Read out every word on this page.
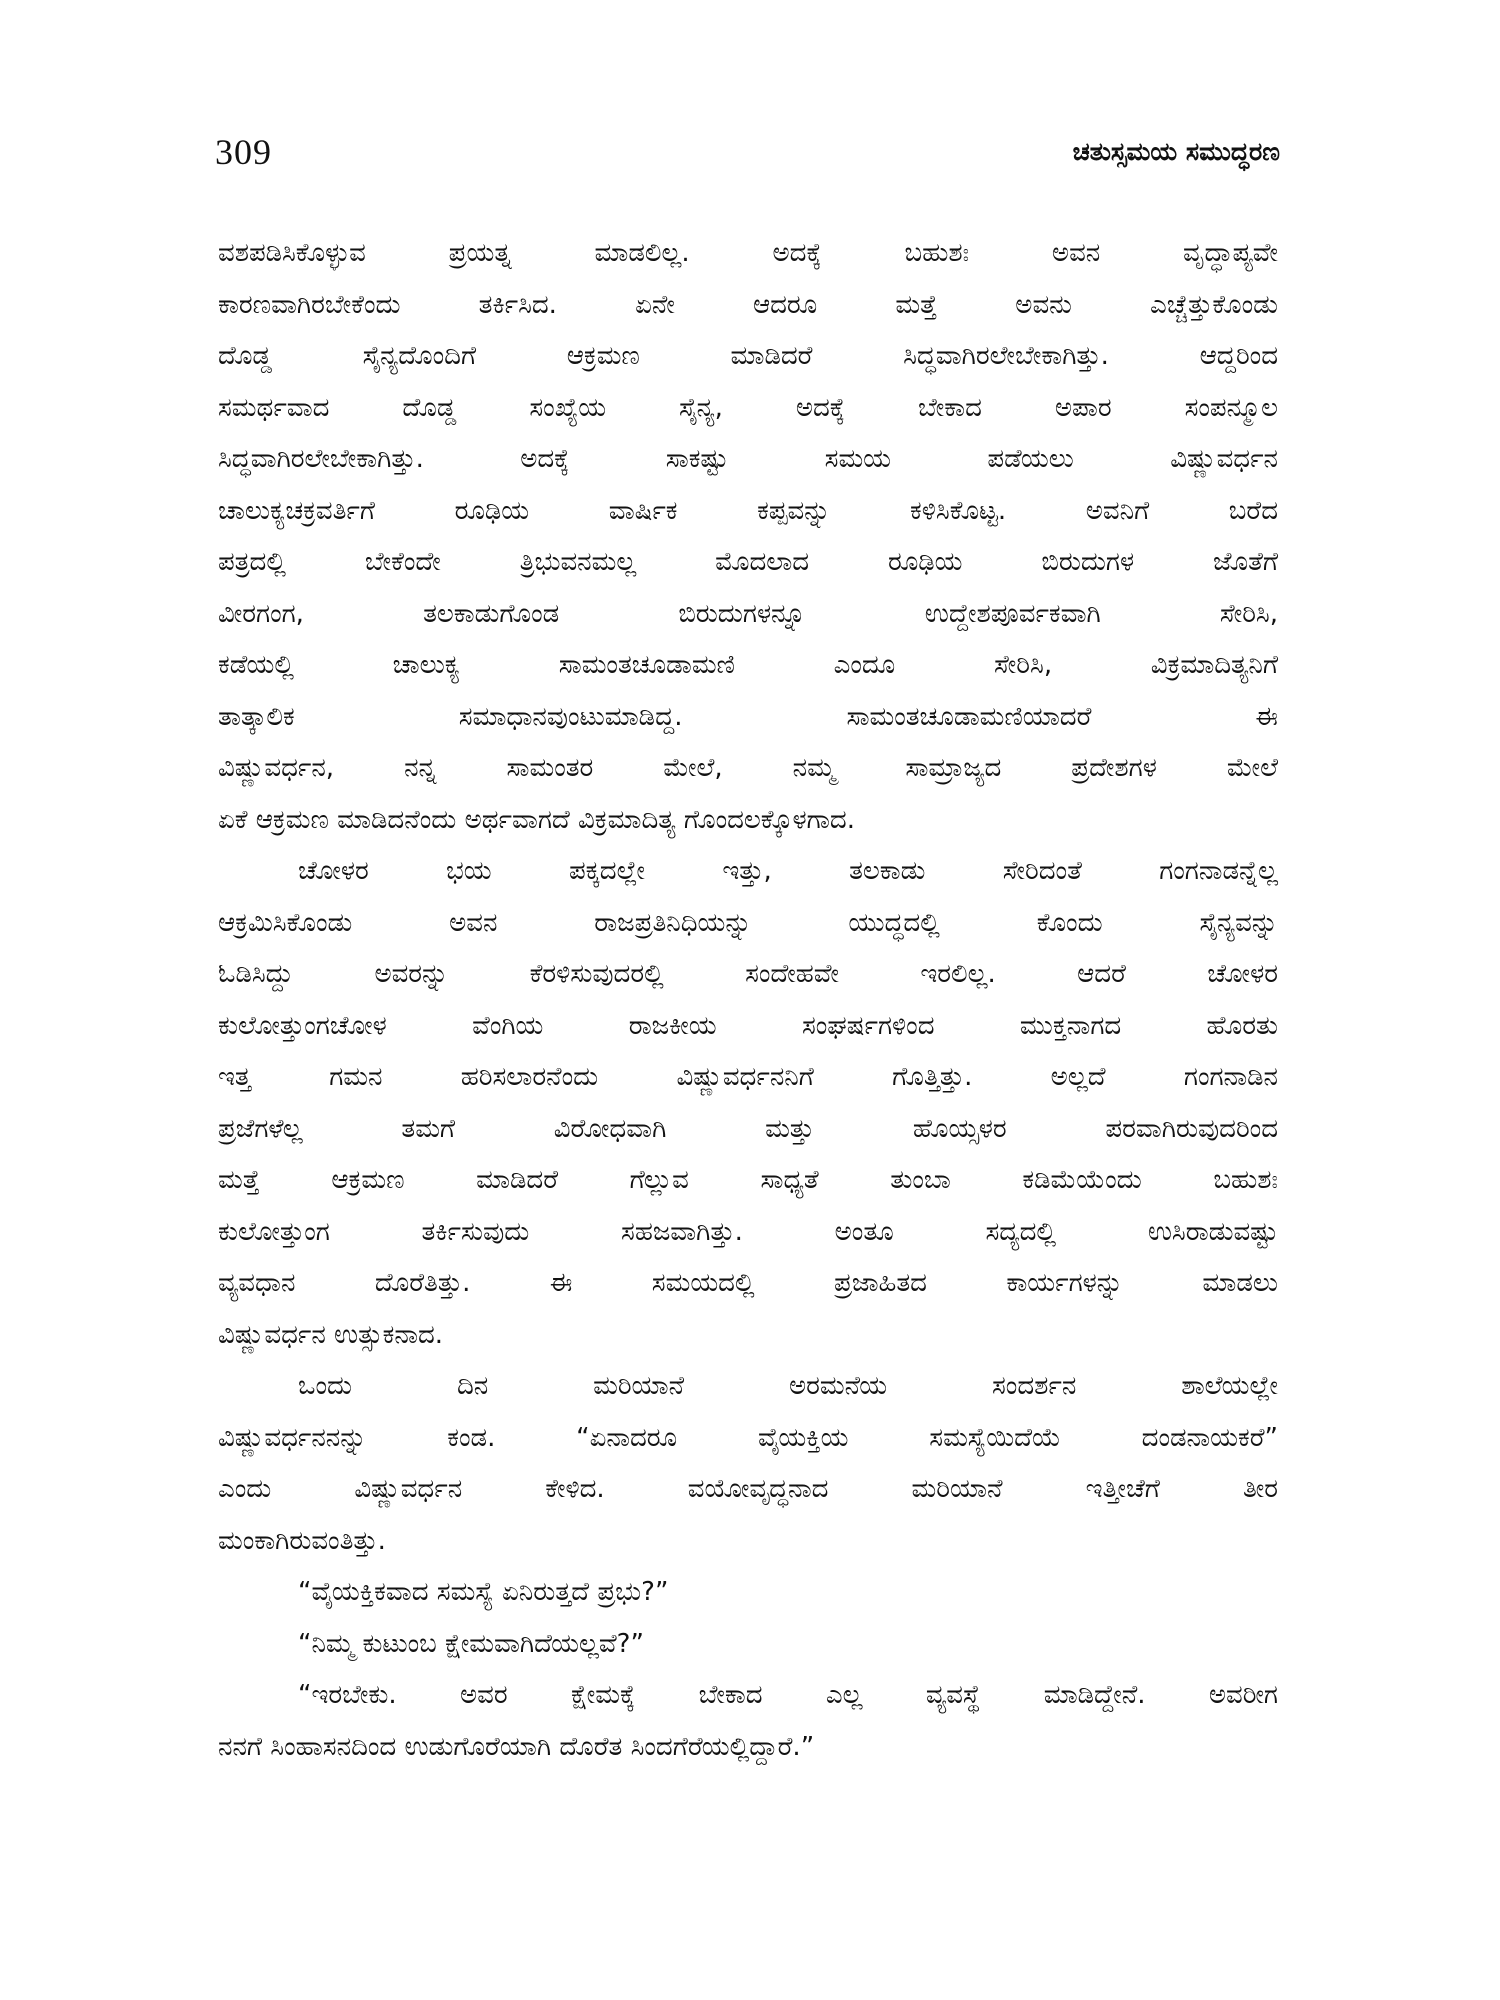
309	ಚತುಸ್ಸಮಯ ಸಮುದ್ಧರಣ

ವಶಪಡಿಸಿಕೊಳ್ಳುವ ಪ್ರಯತ್ನ ಮಾಡಲಿಲ್ಲ. ಅದಕ್ಕೆ ಬಹುಶಃ ಅವನ ವೃದ್ಧಾಪ್ಯವೇ
ಕಾರಣವಾಗಿರಬೇಕೆಂದು ತರ್ಕಿಸಿದ. ಏನೇ ಆದರೂ ಮತ್ತೆ ಅವನು ಎಚ್ಚೆತ್ತುಕೊಂಡು
ದೊಡ್ಡ ಸೈನ್ಯದೊಂದಿಗೆ ಆಕ್ರಮಣ ಮಾಡಿದರೆ ಸಿದ್ಧವಾಗಿರಲೇಬೇಕಾಗಿತ್ತು. ಆದ್ದರಿಂದ
ಸಮರ್ಥವಾದ ದೊಡ್ಡ ಸಂಖ್ಯೆಯ ಸೈನ್ಯ, ಅದಕ್ಕೆ ಬೇಕಾದ ಅಪಾರ ಸಂಪನ್ಮೂಲ
ಸಿದ್ಧವಾಗಿರಲೇಬೇಕಾಗಿತ್ತು. ಅದಕ್ಕೆ ಸಾಕಷ್ಟು ಸಮಯ ಪಡೆಯಲು ವಿಷ್ಣುವರ್ಧನ
ಚಾಲುಕ್ಯಚಕ್ರವರ್ತಿಗೆ ರೂಢಿಯ ವಾರ್ಷಿಕ ಕಪ್ಪವನ್ನು ಕಳಿಸಿಕೊಟ್ಟ. ಅವನಿಗೆ ಬರೆದ
ಪತ್ರದಲ್ಲಿ ಬೇಕೆಂದೇ ತ್ರಿಭುವನಮಲ್ಲ ಮೊದಲಾದ ರೂಢಿಯ ಬಿರುದುಗಳ ಜೊತೆಗೆ
ವೀರಗಂಗ, ತಲಕಾಡುಗೊಂಡ ಬಿರುದುಗಳನ್ನೂ ಉದ್ದೇಶಪೂರ್ವಕವಾಗಿ ಸೇರಿಸಿ,
ಕಡೆಯಲ್ಲಿ ಚಾಲುಕ್ಯ ಸಾಮಂತಚೂಡಾಮಣಿ ಎಂದೂ ಸೇರಿಸಿ, ವಿಕ್ರಮಾದಿತ್ಯನಿಗೆ
ತಾತ್ಕಾಲಿಕ ಸಮಾಧಾನವುಂಟುಮಾಡಿದ್ದ. ಸಾಮಂತಚೂಡಾಮಣಿಯಾದರೆ ಈ
ವಿಷ್ಣುವರ್ಧನ, ನನ್ನ ಸಾಮಂತರ ಮೇಲೆ, ನಮ್ಮ ಸಾಮ್ರಾಜ್ಯದ ಪ್ರದೇಶಗಳ ಮೇಲೆ
ಏಕೆ ಆಕ್ರಮಣ ಮಾಡಿದನೆಂದು ಅರ್ಥವಾಗದೆ ವಿಕ್ರಮಾದಿತ್ಯ ಗೊಂದಲಕ್ಕೊಳಗಾದ.

ಚೋಳರ ಭಯ ಪಕ್ಕದಲ್ಲೇ ಇತ್ತು, ತಲಕಾಡು ಸೇರಿದಂತೆ ಗಂಗನಾಡನ್ನೆಲ್ಲ
ಆಕ್ರಮಿಸಿಕೊಂಡು ಅವನ ರಾಜಪ್ರತಿನಿಧಿಯನ್ನು ಯುದ್ಧದಲ್ಲಿ ಕೊಂದು ಸೈನ್ಯವನ್ನು
ಓಡಿಸಿದ್ದು ಅವರನ್ನು ಕೆರಳಿಸುವುದರಲ್ಲಿ ಸಂದೇಹವೇ ಇರಲಿಲ್ಲ. ಆದರೆ ಚೋಳರ
ಕುಲೋತ್ತುಂಗಚೋಳ ವೆಂಗಿಯ ರಾಜಕೀಯ ಸಂಘರ್ಷಗಳಿಂದ ಮುಕ್ತನಾಗದ ಹೊರತು
ಇತ್ತ ಗಮನ ಹರಿಸಲಾರನೆಂದು ವಿಷ್ಣುವರ್ಧನನಿಗೆ ಗೊತ್ತಿತ್ತು. ಅಲ್ಲದೆ ಗಂಗನಾಡಿನ
ಪ್ರಜೆಗಳೆಲ್ಲ ತಮಗೆ ವಿರೋಧವಾಗಿ ಮತ್ತು ಹೊಯ್ಸಳರ ಪರವಾಗಿರುವುದರಿಂದ
ಮತ್ತೆ ಆಕ್ರಮಣ ಮಾಡಿದರೆ ಗೆಲ್ಲುವ ಸಾಧ್ಯತೆ ತುಂಬಾ ಕಡಿಮೆಯೆಂದು ಬಹುಶಃ
ಕುಲೋತ್ತುಂಗ ತರ್ಕಿಸುವುದು ಸಹಜವಾಗಿತ್ತು. ಅಂತೂ ಸದ್ಯದಲ್ಲಿ ಉಸಿರಾಡುವಷ್ಟು
ವ್ಯವಧಾನ ದೊರೆತಿತ್ತು. ಈ ಸಮಯದಲ್ಲಿ ಪ್ರಜಾಹಿತದ ಕಾರ್ಯಗಳನ್ನು ಮಾಡಲು
ವಿಷ್ಣುವರ್ಧನ ಉತ್ಸುಕನಾದ.

ಒಂದು ದಿನ ಮರಿಯಾನೆ ಅರಮನೆಯ ಸಂದರ್ಶನ ಶಾಲೆಯಲ್ಲೇ
ವಿಷ್ಣುವರ್ಧನನನ್ನು ಕಂಡ. “ಏನಾದರೂ ವೈಯಕ್ತಿಯ ಸಮಸ್ಯೆಯಿದೆಯೆ ದಂಡನಾಯಕರೆ”
ಎಂದು ವಿಷ್ಣುವರ್ಧನ ಕೇಳಿದ. ವಯೋವೃದ್ಧನಾದ ಮರಿಯಾನೆ ಇತ್ತೀಚೆಗೆ ತೀರ
ಮಂಕಾಗಿರುವಂತಿತ್ತು.

“ವೈಯಕ್ತಿಕವಾದ ಸಮಸ್ಯೆ ಏನಿರುತ್ತದೆ ಪ್ರಭು?”

“ನಿಮ್ಮ ಕುಟುಂಬ ಕ್ಷೇಮವಾಗಿದೆಯಲ್ಲವೆ?”

“ಇರಬೇಕು. ಅವರ ಕ್ಷೇಮಕ್ಕೆ ಬೇಕಾದ ಎಲ್ಲ ವ್ಯವಸ್ಥೆ ಮಾಡಿದ್ದೇನೆ. ಅವರೀಗ
ನನಗೆ ಸಿಂಹಾಸನದಿಂದ ಉಡುಗೊರೆಯಾಗಿ ದೊರೆತ ಸಿಂದಗೆರೆಯಲ್ಲಿದ್ದಾರೆ.”
